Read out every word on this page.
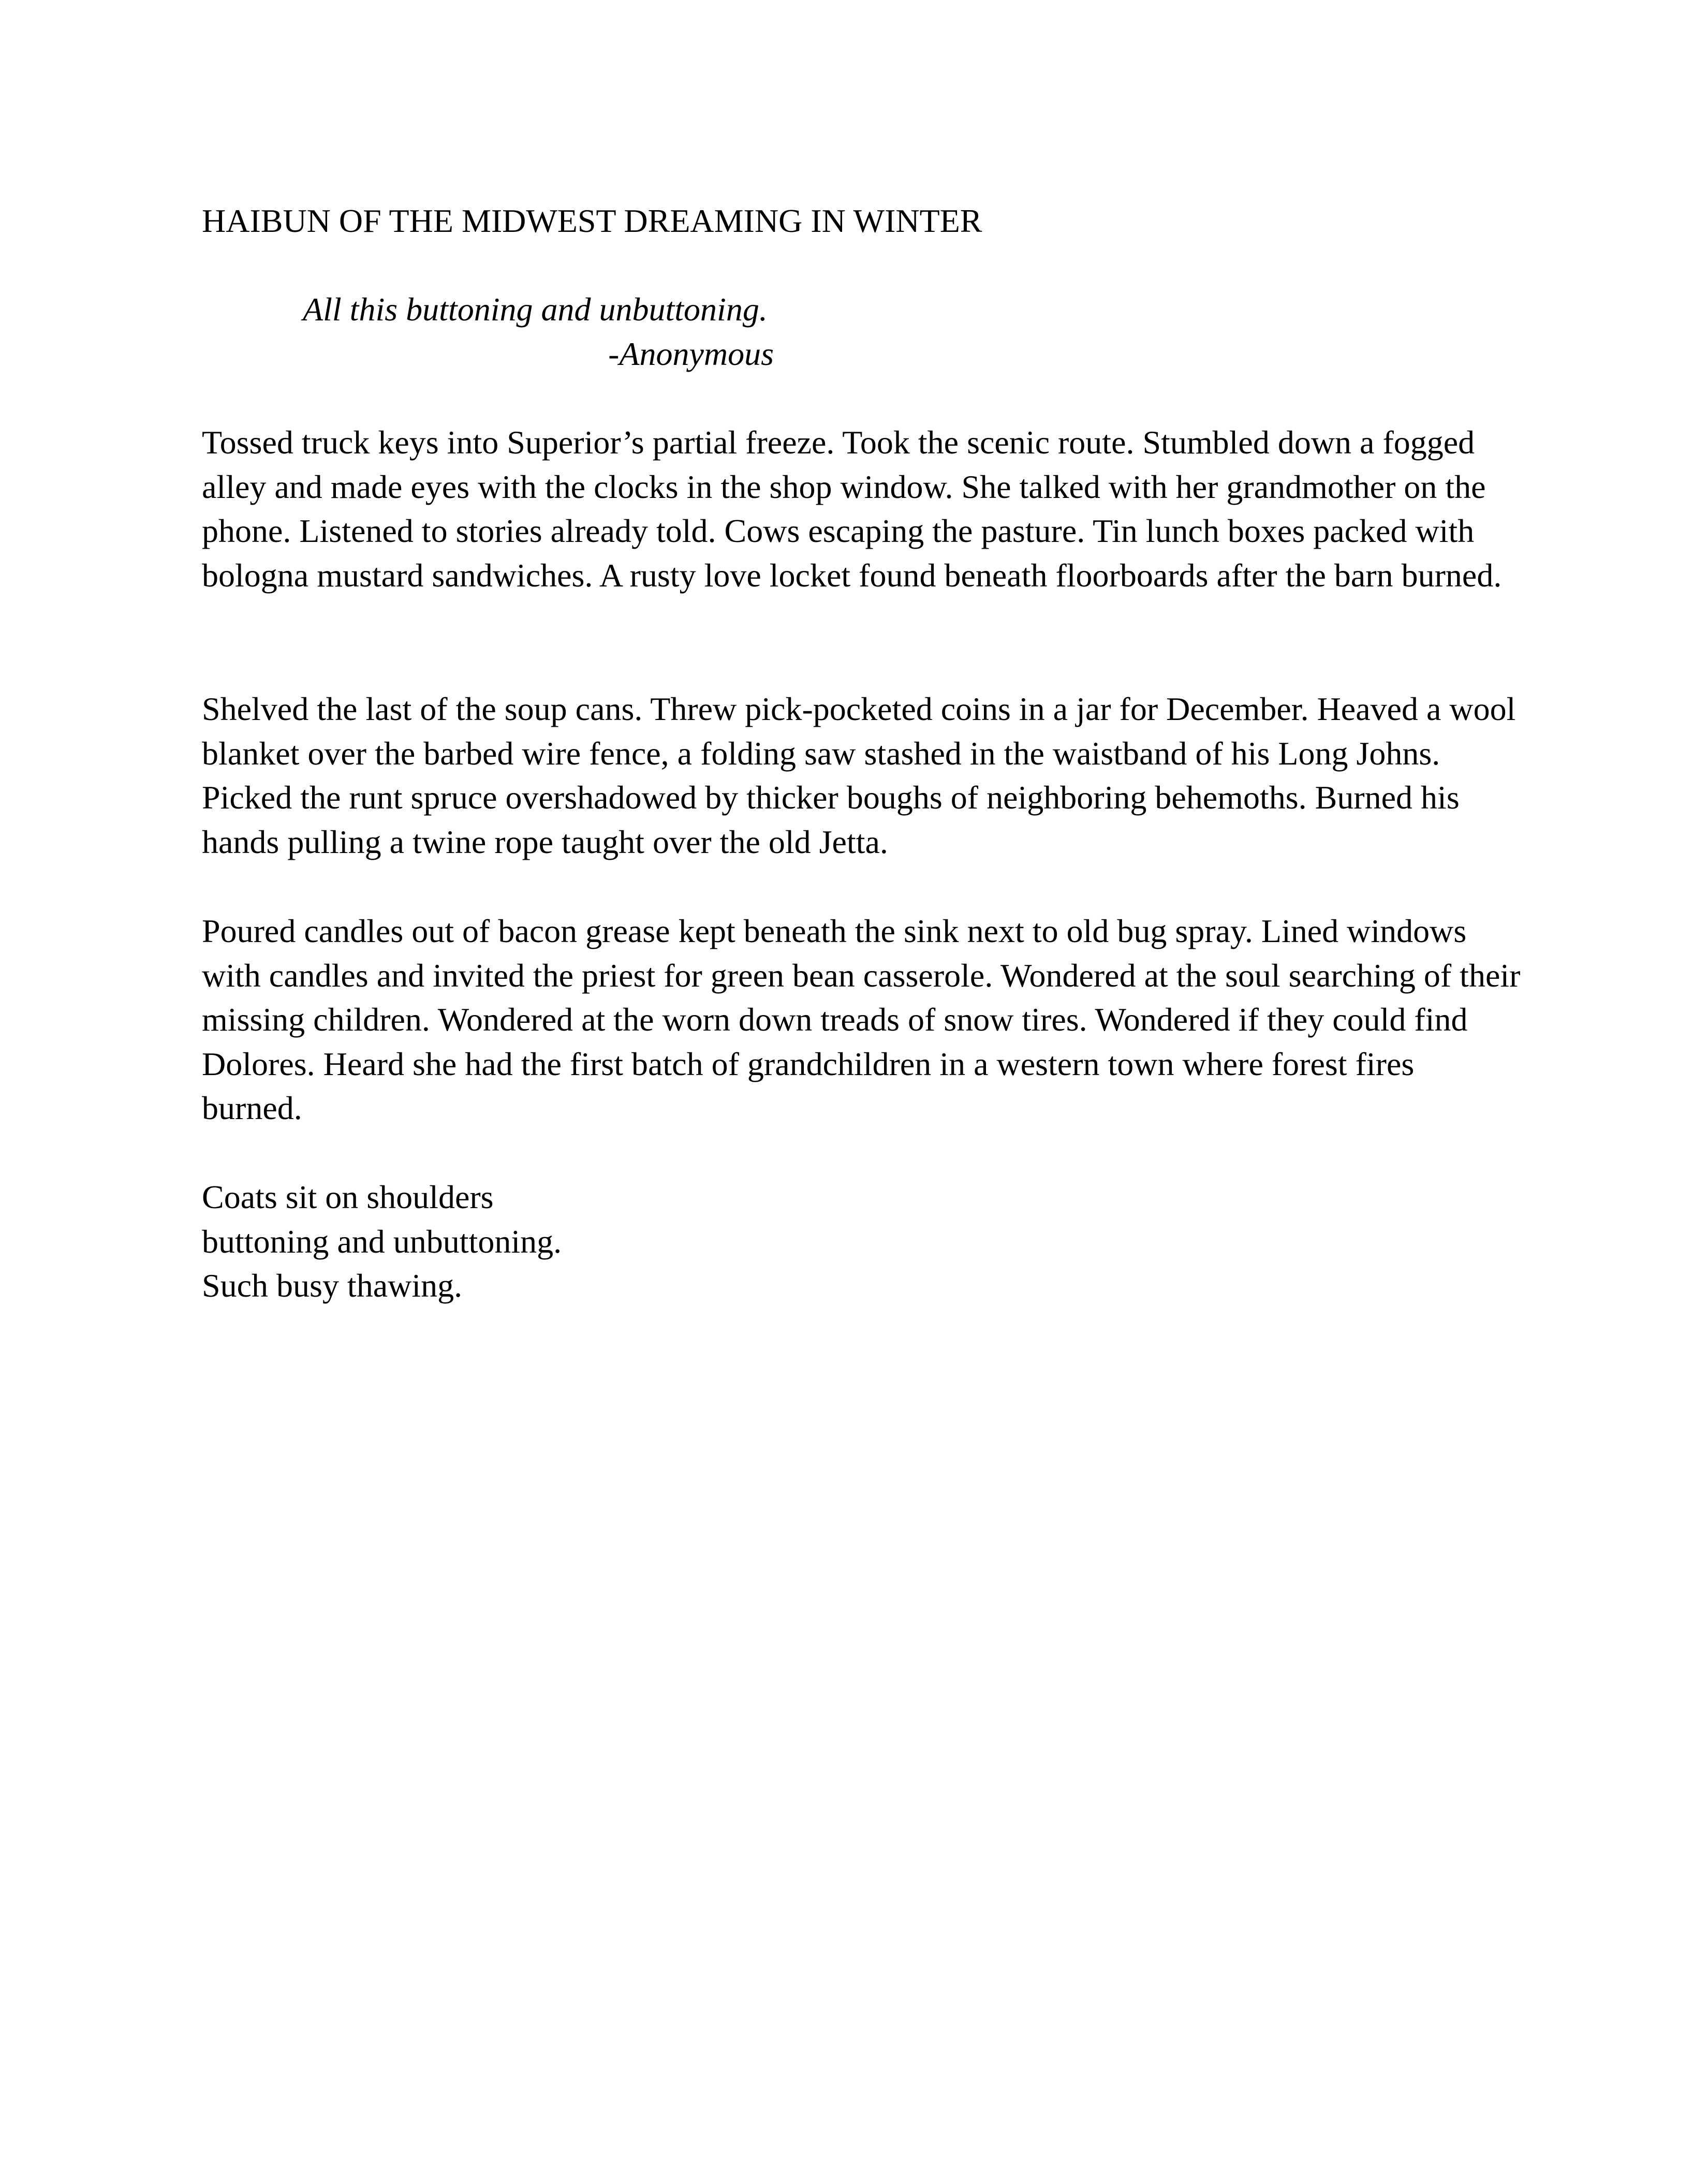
HAIBUN OF THE MIDWEST DREAMING IN WINTER
All this buttoning and unbuttoning.
-Anonymous

Tossed truck keys into Superior’s partial freeze. Took the scenic route. Stumbled down a fogged alley and made eyes with the clocks in the shop window. She talked with her grandmother on the phone. Listened to stories already told. Cows escaping the pasture. Tin lunch boxes packed with bologna mustard sandwiches. A rusty love locket found beneath floorboards after the barn burned.

Shelved the last of the soup cans. Threw pick-pocketed coins in a jar for December. Heaved a wool blanket over the barbed wire fence, a folding saw stashed in the waistband of his Long Johns. Picked the runt spruce overshadowed by thicker boughs of neighboring behemoths. Burned his hands pulling a twine rope taught over the old Jetta.

Poured candles out of bacon grease kept beneath the sink next to old bug spray. Lined windows with candles and invited the priest for green bean casserole. Wondered at the soul searching of their missing children. Wondered at the worn down treads of snow tires. Wondered if they could find Dolores. Heard she had the first batch of grandchildren in a western town where forest fires burned.

Coats sit on shoulders
buttoning and unbuttoning.
Such busy thawing.
